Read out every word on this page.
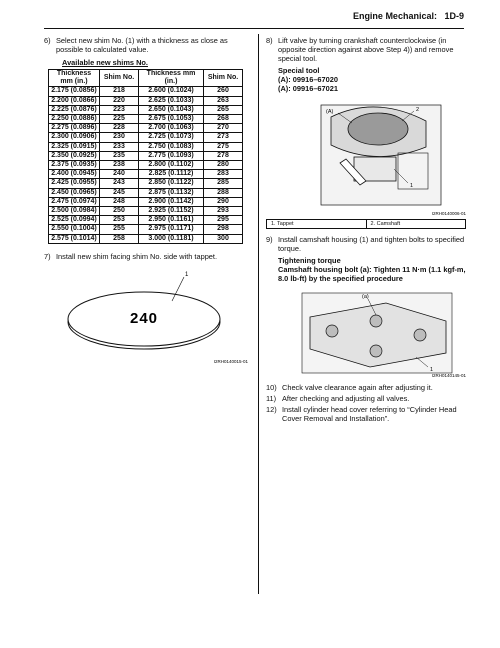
Engine Mechanical: 1D-9
6) Select new shim No. (1) with a thickness as close as possible to calculated value.
Available new shims No.
Thickness mm (in.)	Shim No.	Thickness mm (in.)	Shim No.
2.175 (0.0856)	218	2.600 (0.1024)	260
2.200 (0.0866)	220	2.625 (0.1033)	263
2.225 (0.0876)	223	2.650 (0.1043)	265
2.250 (0.0886)	225	2.675 (0.1053)	268
2.275 (0.0896)	228	2.700 (0.1063)	270
2.300 (0.0906)	230	2.725 (0.1073)	273
2.325 (0.0915)	233	2.750 (0.1083)	275
2.350 (0.0925)	235	2.775 (0.1093)	278
2.375 (0.0935)	238	2.800 (0.1102)	280
2.400 (0.0945)	240	2.825 (0.1112)	283
2.425 (0.0955)	243	2.850 (0.1122)	285
2.450 (0.0965)	245	2.875 (0.1132)	288
2.475 (0.0974)	248	2.900 (0.1142)	290
2.500 (0.0984)	250	2.925 (0.1152)	293
2.525 (0.0994)	253	2.950 (0.1161)	295
2.550 (0.1004)	255	2.975 (0.1171)	298
2.575 (0.1014)	258	3.000 (0.1181)	300
7) Install new shim facing shim No. side with tappet.
1
240
I2RH0140015-01
8) Lift valve by turning crankshaft counterclockwise (in opposite direction against above Step 4)) and remove special tool.
Special tool
(A): 09916–67020
(A): 09916–67021
(A)	2
1
I2RH0140006-01
1. Tappet	2. Camshaft
9) Install camshaft housing (1) and tighten bolts to specified torque.
Tightening torque
Camshaft housing bolt (a): Tighten 11 N·m (1.1 kgf-m, 8.0 lb-ft) by the specified procedure
(a)
1
I2RH0140145-01
10) Check valve clearance again after adjusting it.
11) After checking and adjusting all valves.
12) Install cylinder head cover referring to “Cylinder Head Cover Removal and Installation”.
